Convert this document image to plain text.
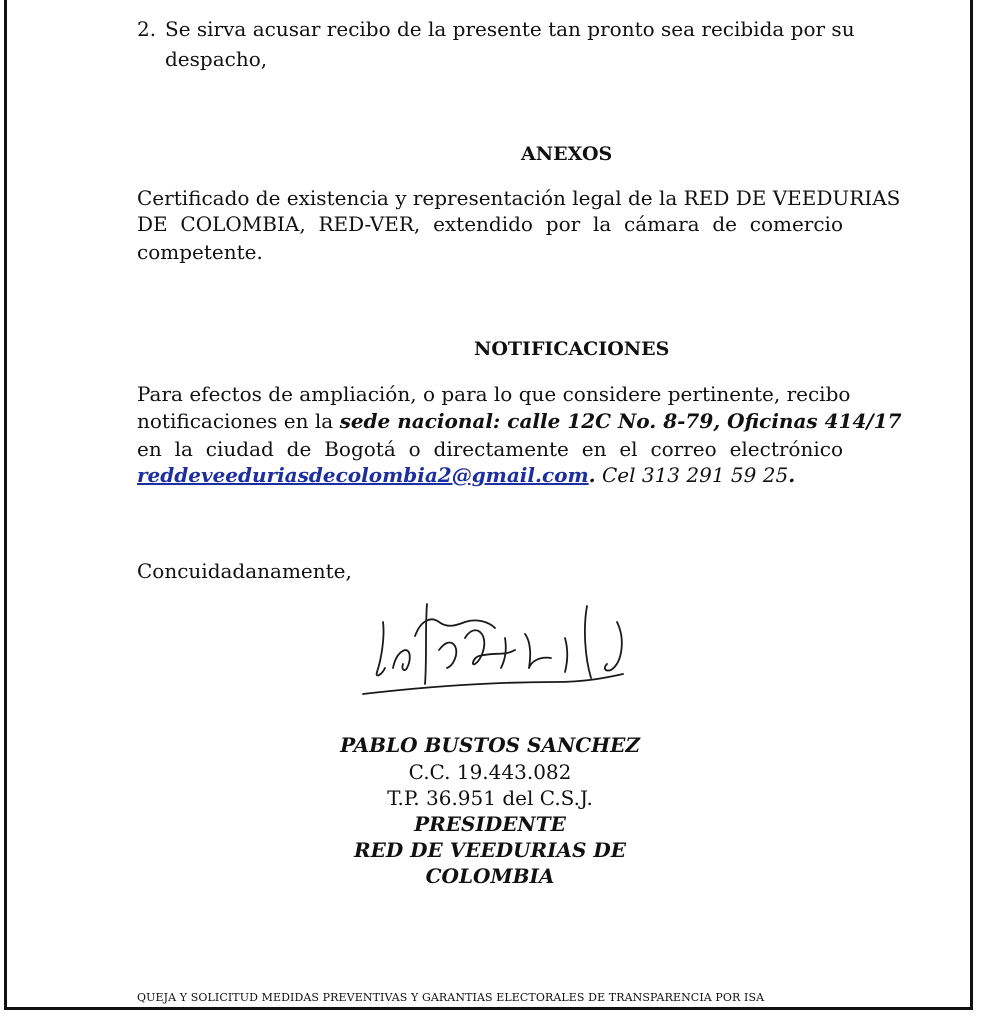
2. Se sirva acusar recibo de la presente tan pronto sea recibida por su
despacho,
ANEXOS
Certificado de existencia y representación legal de la RED DE VEEDURIAS
DE COLOMBIA, RED-VER, extendido por la cámara de comercio
competente.
NOTIFICACIONES
Para efectos de ampliación, o para lo que considere pertinente, recibo
notificaciones en la sede nacional: calle 12C No. 8-79, Oficinas 414/17
en la ciudad de Bogotá o directamente en el correo electrónico
reddeveeduriasdecolombia2@gmail.com. Cel 313 291 59 25.
Concuidadanamente,
PABLO BUSTOS SANCHEZ
C.C. 19.443.082
T.P. 36.951 del C.S.J.
PRESIDENTE
RED DE VEEDURIAS DE COLOMBIA
QUEJA Y SOLICITUD MEDIDAS PREVENTIVAS Y GARANTIAS ELECTORALES DE TRANSPARENCIA POR ISA
